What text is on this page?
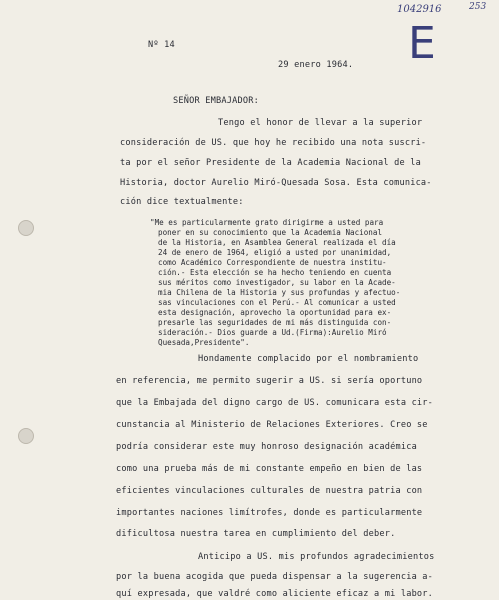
1042916	253
E
Nº 14
29 enero 1964.
SEÑOR EMBAJADOR:
Tengo el honor de llevar a la superior
consideración de US. que hoy he recibido una nota suscri-
ta por el señor Presidente de la Academia Nacional de la
Historia, doctor Aurelio Miró-Quesada Sosa. Esta comunica-
ción dice textualmente:
"Me es particularmente grato dirigirme a usted para
poner en su conocimiento que la Academia Nacional
de la Historia, en Asamblea General realizada el día
24 de enero de 1964, eligió a usted por unanimidad,
como Académico Correspondiente de nuestra institu-
ción.- Esta elección se ha hecho teniendo en cuenta
sus méritos como investigador, su labor en la Acade-
mia Chilena de la Historia y sus profundas y afectuo-
sas vinculaciones con el Perú.- Al comunicar a usted
esta designación, aprovecho la oportunidad para ex-
presarle las seguridades de mi más distinguida con-
sideración.- Dios guarde a Ud.(Firma):Aurelio Miró
Quesada,Presidente".
Hondamente complacido por el nombramiento
en referencia, me permito sugerir a US. si sería oportuno
que la Embajada del digno cargo de US. comunicara esta cir-
cunstancia al Ministerio de Relaciones Exteriores. Creo se
podría considerar este muy honroso designación académica
como una prueba más de mi constante empeño en bien de las
eficientes vinculaciones culturales de nuestra patria con
importantes naciones limítrofes, donde es particularmente
dificultosa nuestra tarea en cumplimiento del deber.
Anticipo a US. mis profundos agradecimientos
por la buena acogida que pueda dispensar a la sugerencia a-
quí expresada, que valdré como aliciente eficaz a mi labor.
